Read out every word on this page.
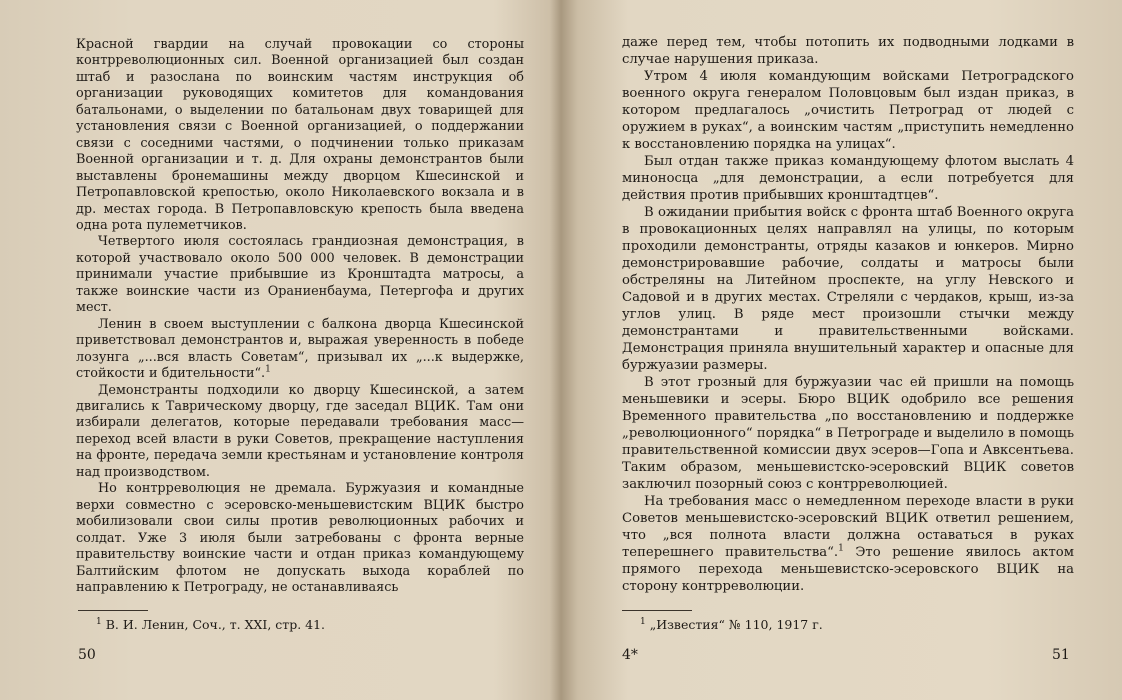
Красной гвардии на случай провокации со стороны контрреволюционных сил. Военной организацией был создан штаб и разослана по воинским частям инструкция об организации руководящих комитетов для командования батальонами, о выделении по батальонам двух товарищей для установления связи с Военной организацией, о поддержании связи с соседними частями, о подчинении только приказам Военной организации и т. д. Для охраны демонстрантов были выставлены бронемашины между дворцом Кшесинской и Петропавловской крепостью, около Николаевского вокзала и в др. местах города. В Петропавловскую крепость была введена одна рота пулеметчиков.

Четвертого июля состоялась грандиозная демонстрация, в которой участвовало около 500 000 человек. В демонстрации принимали участие прибывшие из Кронштадта матросы, а также воинские части из Ораниенбаума, Петергофа и других мест.

Ленин в своем выступлении с балкона дворца Кшесинской приветствовал демонстрантов и, выражая уверенность в победе лозунга „...вся власть Советам“, призывал их „...к выдержке, стойкости и бдительности“.$^1$

Демонстранты подходили ко дворцу Кшесинской, а затем двигались к Таврическому дворцу, где заседал ВЦИК. Там они избирали делегатов, которые передавали требования масс—переход всей власти в руки Советов, прекращение наступления на фронте, передача земли крестьянам и установление контроля над производством.

Но контрреволюция не дремала. Буржуазия и командные верхи совместно с эсеровско-меньшевистским ВЦИК быстро мобилизовали свои силы против революционных рабочих и солдат. Уже 3 июля были затребованы с фронта верные правительству воинские части и отдан приказ командующему Балтийским флотом не допускать выхода кораблей по направлению к Петрограду, не останавливаясь

$^1$ В. И. Ленин, Соч., т. XXI, стр. 41.
50

даже перед тем, чтобы потопить их подводными лодками в случае нарушения приказа.

Утром 4 июля командующим войсками Петроградского военного округа генералом Половцовым был издан приказ, в котором предлагалось „очистить Петроград от людей с оружием в руках“, а воинским частям „приступить немедленно к восстановлению порядка на улицах“.

Был отдан также приказ командующему флотом выслать 4 миноносца „для демонстрации, а если потребуется для действия против прибывших кронштадтцев“.

В ожидании прибытия войск с фронта штаб Военного округа в провокационных целях направлял на улицы, по которым проходили демонстранты, отряды казаков и юнкеров. Мирно демонстрировавшие рабочие, солдаты и матросы были обстреляны на Литейном проспекте, на углу Невского и Садовой и в других местах. Стреляли с чердаков, крыш, из-за углов улиц. В ряде мест произошли стычки между демонстрантами и правительственными войсками. Демонстрация приняла внушительный характер и опасные для буржуазии размеры.

В этот грозный для буржуазии час ей пришли на помощь меньшевики и эсеры. Бюро ВЦИК одобрило все решения Временного правительства „по восстановлению и поддержке „революционного“ порядка“ в Петрограде и выделило в помощь правительственной комиссии двух эсеров—Гопа и Авксентьева. Таким образом, меньшевистско-эсеровский ВЦИК советов заключил позорный союз с контрреволюцией.

На требования масс о немедленном переходе власти в руки Советов меньшевистско-эсеровский ВЦИК ответил решением, что „вся полнота власти должна оставаться в руках теперешнего правительства“.$^1$ Это решение явилось актом прямого перехода меньшевистско-эсеровского ВЦИК на сторону контрреволюции.

$^1$ „Известия“ № 110, 1917 г.
4*	51
